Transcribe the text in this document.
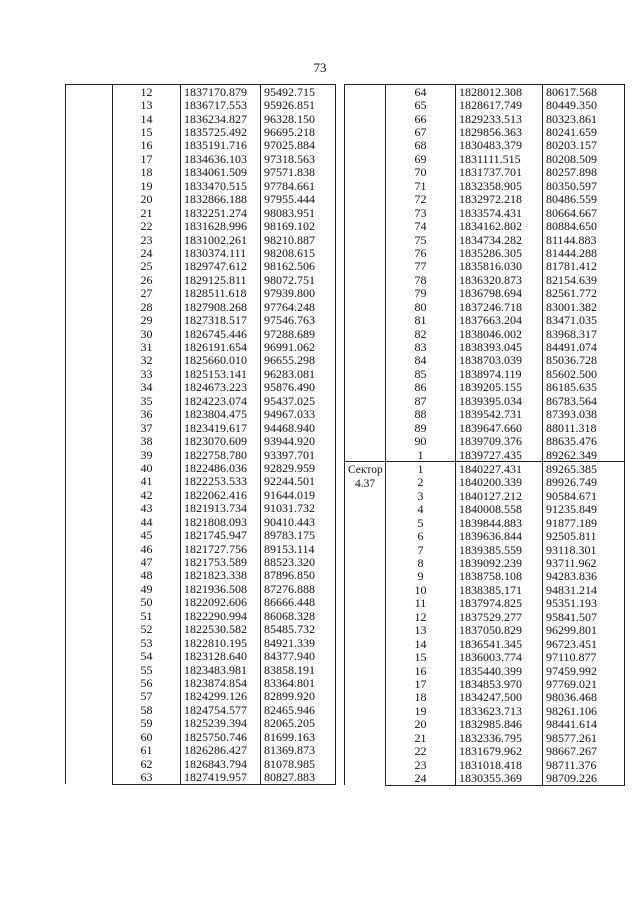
73
	12	1837170.879	95492.715
	13	1836717.553	95926.851
	14	1836234.827	96328.150
	15	1835725.492	96695.218
	16	1835191.716	97025.884
	17	1834636.103	97318.563
	18	1834061.509	97571.838
	19	1833470.515	97784.661
	20	1832866.188	97955.444
	21	1832251.274	98083.951
	22	1831628.996	98169.102
	23	1831002.261	98210.887
	24	1830374.111	98208.615
	25	1829747.612	98162.506
	26	1829125.811	98072.751
	27	1828511.618	97939.800
	28	1827908.268	97764.248
	29	1827318.517	97546.763
	30	1826745.446	97288.689
	31	1826191.654	96991.062
	32	1825660.010	96655.298
	33	1825153.141	96283.081
	34	1824673.223	95876.490
	35	1824223.074	95437.025
	36	1823804.475	94967.033
	37	1823419.617	94468.940
	38	1823070.609	93944.920
	39	1822758.780	93397.701
	40	1822486.036	92829.959
	41	1822253.533	92244.501
	42	1822062.416	91644.019
	43	1821913.734	91031.732
	44	1821808.093	90410.443
	45	1821745.947	89783.175
	46	1821727.756	89153.114
	47	1821753.589	88523.320
	48	1821823.338	87896.850
	49	1821936.508	87276.888
	50	1822092.606	86666.448
	51	1822290.994	86068.328
	52	1822530.582	85485.732
	53	1822810.195	84921.339
	54	1823128.640	84377.940
	55	1823483.981	83858.191
	56	1823874.854	83364.801
	57	1824299.126	82899.920
	58	1824754.577	82465.946
	59	1825239.394	82065.205
	60	1825750.746	81699.163
	61	1826286.427	81369.873
	62	1826843.794	81078.985
	63	1827419.957	80827.883
	64	1828012.308	80617.568
	65	1828617.749	80449.350
	66	1829233.513	80323.861
	67	1829856.363	80241.659
	68	1830483.379	80203.157
	69	1831111.515	80208.509
	70	1831737.701	80257.898
	71	1832358.905	80350.597
	72	1832972.218	80486.559
	73	1833574.431	80664.667
	74	1834162.802	80884.650
	75	1834734.282	81144.883
	76	1835286.305	81444.288
	77	1835816.030	81781.412
	78	1836320.873	82154.639
	79	1836798.694	82561.772
	80	1837246.718	83001.382
	81	1837663.204	83471.035
	82	1838046.002	83968.317
	83	1838393.045	84491.074
	84	1838703.039	85036.728
	85	1838974.119	85602.500
	86	1839205.155	86185.635
	87	1839395.034	86783.564
	88	1839542.731	87393.038
	89	1839647.660	88011.318
	90	1839709.376	88635.476
	1	1839727.435	89262.349
Сектор 4.37	1	1840227.431	89265.385
	2	1840200.339	89926.749
	3	1840127.212	90584.671
	4	1840008.558	91235.849
	5	1839844.883	91877.189
	6	1839636.844	92505.811
	7	1839385.559	93118.301
	8	1839092.239	93711.962
	9	1838758.108	94283.836
	10	1838385.171	94831.214
	11	1837974.825	95351.193
	12	1837529.277	95841.507
	13	1837050.829	96299.801
	14	1836541.345	96723.451
	15	1836003.774	97110.877
	16	1835440.399	97459.992
	17	1834853.970	97769.021
	18	1834247.500	98036.468
	19	1833623.713	98261.106
	20	1832985.846	98441.614
	21	1832336.795	98577.261
	22	1831679.962	98667.267
	23	1831018.418	98711.376
	24	1830355.369	98709.226
